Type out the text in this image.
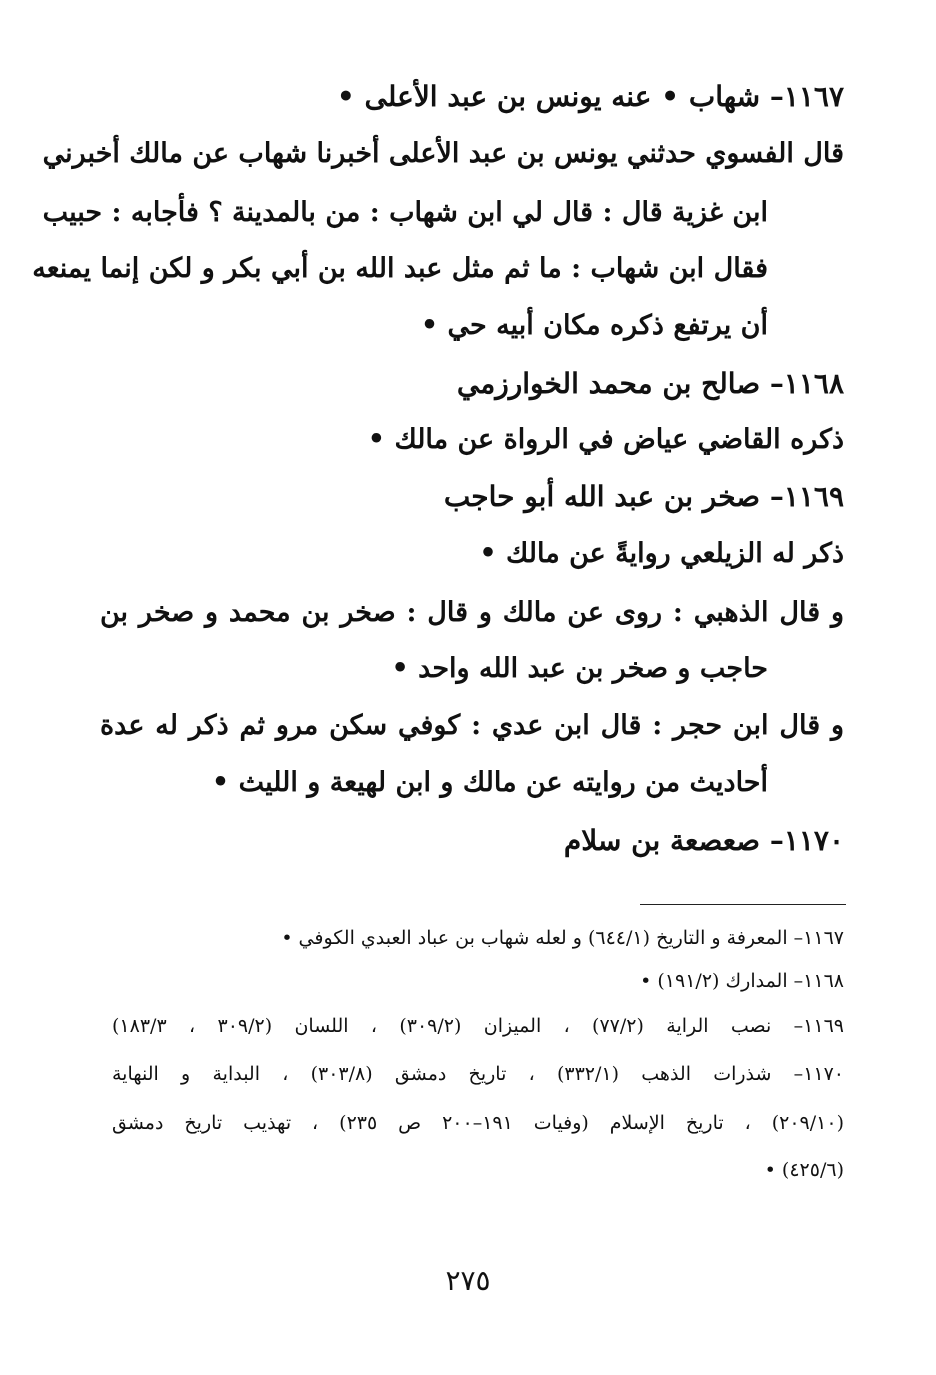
١١٦٧– شهاب • عنه يونس بن عبد الأعلى •
قال الفسوي حدثني يونس بن عبد الأعلى أخبرنا شهاب عن مالك أخبرني
ابن غزية قال : قال لي ابن شهاب : من بالمدينة ؟ فأجابه : حبيب
فقال ابن شهاب : ما ثم مثل عبد الله بن أبي بكر و لكن إنما يمنعه
أن يرتفع ذكره مكان أبيه حي •
١١٦٨– صالح بن محمد الخوارزمي
ذكره القاضي عياض في الرواة عن مالك •
١١٦٩– صخر بن عبد الله أبو حاجب
ذكر له الزيلعي روايةً عن مالك •
و قال الذهبي : روى عن مالك و قال : صخر بن محمد و صخر بن
حاجب و صخر بن عبد الله واحد •
و قال ابن حجر : قال ابن عدي : كوفي سكن مرو ثم ذكر له عدة
أحاديث من روايته عن مالك و ابن لهيعة و الليث •
١١٧٠– صعصعة بن سلام
١١٦٧– المعرفة و التاريخ (٦٤٤/١) و لعله شهاب بن عباد العبدي الكوفي •
١١٦٨– المدارك (١٩١/٢) •
١١٦٩– نصب الراية (٧٧/٢) ، الميزان (٣٠٩/٢) ، اللسان (٣٠٩/٢ ، ١٨٣/٣)
١١٧٠– شذرات الذهب (٣٣٢/١) ، تاريخ دمشق (٣٠٣/٨) ، البداية و النهاية
(٢٠٩/١٠) ، تاريخ الإسلام (وفيات ١٩١–٢٠٠ ص ٢٣٥) ، تهذيب تاريخ دمشق
(٤٢٥/٦) •
٢٧٥
